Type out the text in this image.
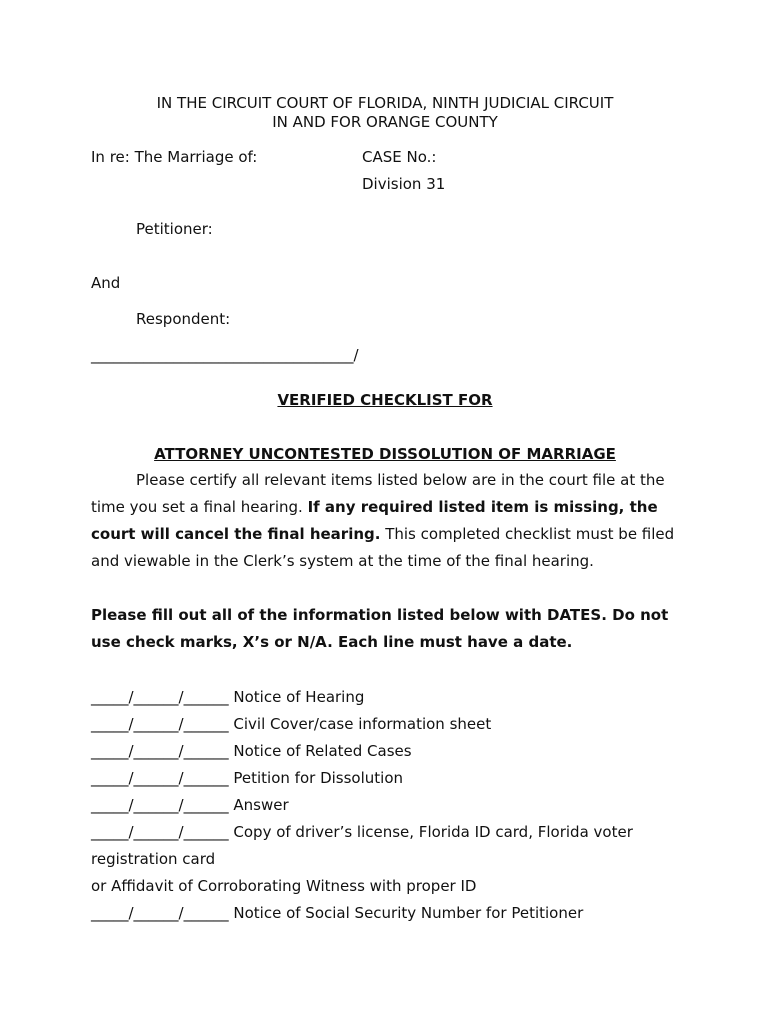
IN THE CIRCUIT COURT OF FLORIDA, NINTH JUDICIAL CIRCUIT
IN AND FOR ORANGE COUNTY
In re: The Marriage of:	CASE No.:
Division 31
Petitioner:
And
Respondent:
___________________________________/
VERIFIED CHECKLIST FOR
ATTORNEY UNCONTESTED DISSOLUTION OF MARRIAGE
Please certify all relevant items listed below are in the court file at the time you set a final hearing. If any required listed item is missing, the court will cancel the final hearing. This completed checklist must be filed and viewable in the Clerk’s system at the time of the final hearing.
Please fill out all of the information listed below with DATES. Do not use check marks, X’s or N/A. Each line must have a date.
_____/______/______ Notice of Hearing
_____/______/______ Civil Cover/case information sheet
_____/______/______ Notice of Related Cases
_____/______/______ Petition for Dissolution
_____/______/______ Answer
_____/______/______ Copy of driver’s license, Florida ID card, Florida voter
registration card
or Affidavit of Corroborating Witness with proper ID
_____/______/______ Notice of Social Security Number for Petitioner
